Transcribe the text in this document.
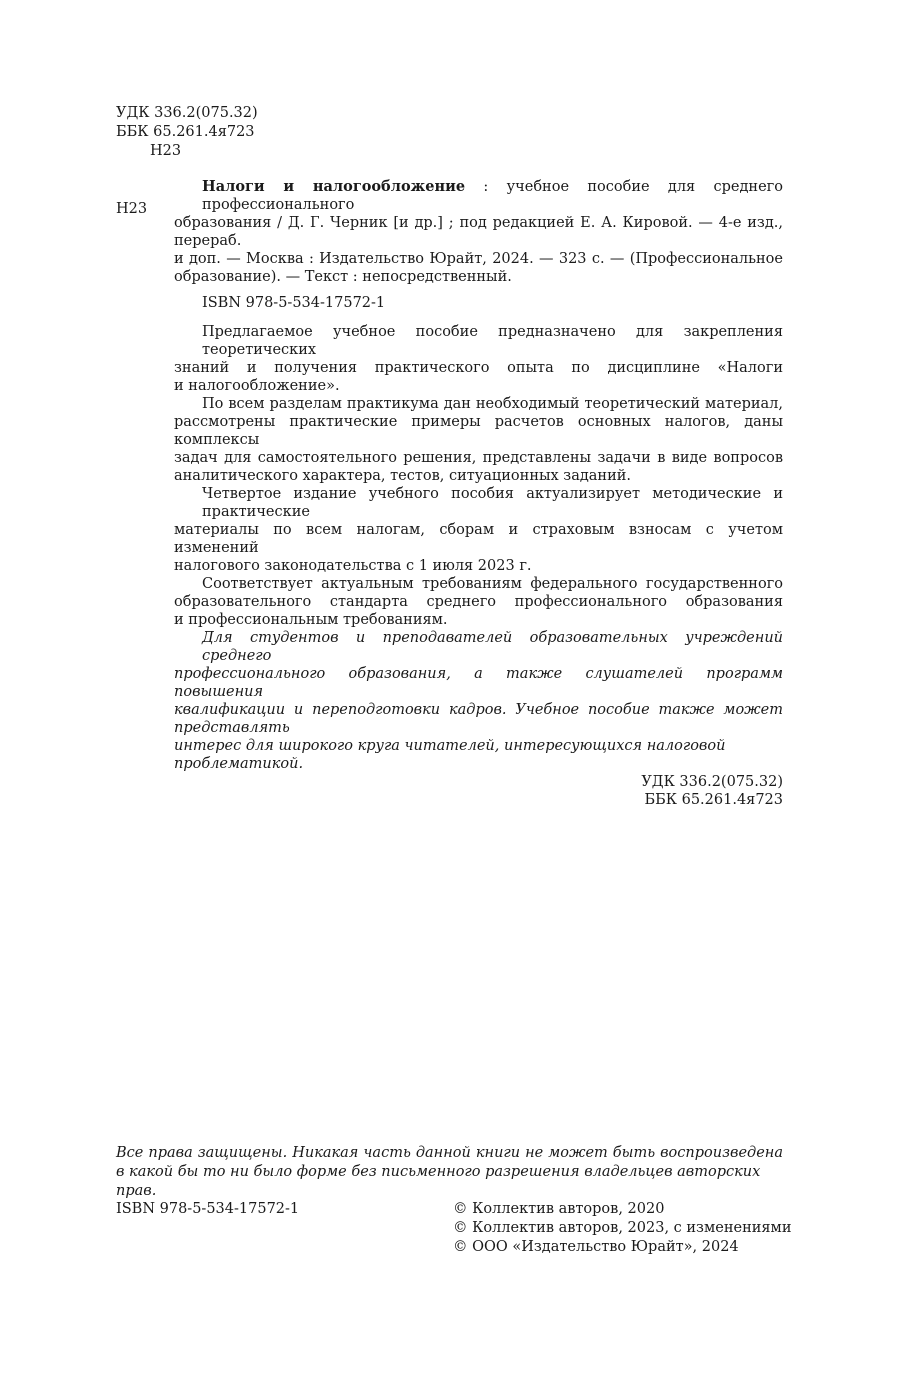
УДК 336.2(075.32)
ББК 65.261.4я723
Н23
Н23
Налоги и налогообложение : учебное пособие для среднего профессионального
образования / Д. Г. Черник [и др.] ; под редакцией Е. А. Кировой. — 4-е изд., перераб.
и доп. — Москва : Издательство Юрайт, 2024. — 323 с. — (Профессиональное
образование). — Текст : непосредственный.
ISBN 978-5-534-17572-1
Предлагаемое учебное пособие предназначено для закрепления теоретических
знаний и получения практического опыта по дисциплине «Налоги
и налогообложение».
По всем разделам практикума дан необходимый теоретический материал,
рассмотрены практические примеры расчетов основных налогов, даны комплексы
задач для самостоятельного решения, представлены задачи в виде вопросов
аналитического характера, тестов, ситуационных заданий.
Четвертое издание учебного пособия актуализирует методические и практические
материалы по всем налогам, сборам и страховым взносам с учетом изменений
налогового законодательства с 1 июля 2023 г.
Соответствует актуальным требованиям федерального государственного
образовательного стандарта среднего профессионального образования
и профессиональным требованиям.
Для студентов и преподавателей образовательных учреждений среднего
профессионального образования, а также слушателей программ повышения
квалификации и переподготовки кадров. Учебное пособие также может представлять
интерес для широкого круга читателей, интересующихся налоговой проблематикой.
УДК 336.2(075.32)
ББК 65.261.4я723
Все права защищены. Никакая часть данной книги не может быть воспроизведена
в какой бы то ни было форме без письменного разрешения владельцев авторских прав.
ISBN 978-5-534-17572-1	© Коллектив авторов, 2020
© Коллектив авторов, 2023, с изменениями
© ООО «Издательство Юрайт», 2024
